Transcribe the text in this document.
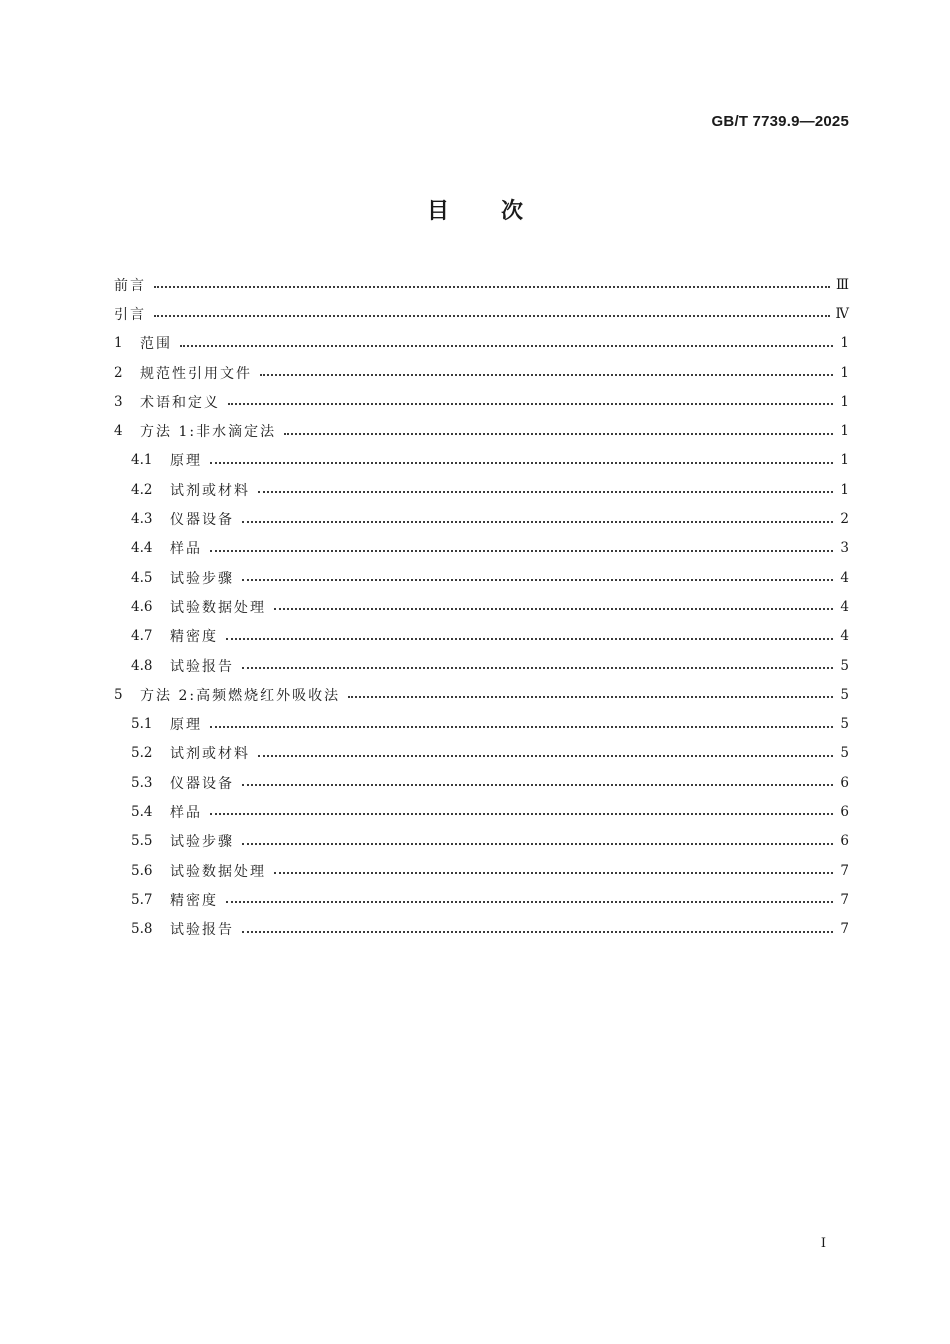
GB/T 7739.9—2025
目次
前言	Ⅲ
引言	Ⅳ
1	范围	1
2	规范性引用文件	1
3	术语和定义	1
4	方法 1:非水滴定法	1
4.1	原理	1
4.2	试剂或材料	1
4.3	仪器设备	2
4.4	样品	3
4.5	试验步骤	4
4.6	试验数据处理	4
4.7	精密度	4
4.8	试验报告	5
5	方法 2:高频燃烧红外吸收法	5
5.1	原理	5
5.2	试剂或材料	5
5.3	仪器设备	6
5.4	样品	6
5.5	试验步骤	6
5.6	试验数据处理	7
5.7	精密度	7
5.8	试验报告	7
I
